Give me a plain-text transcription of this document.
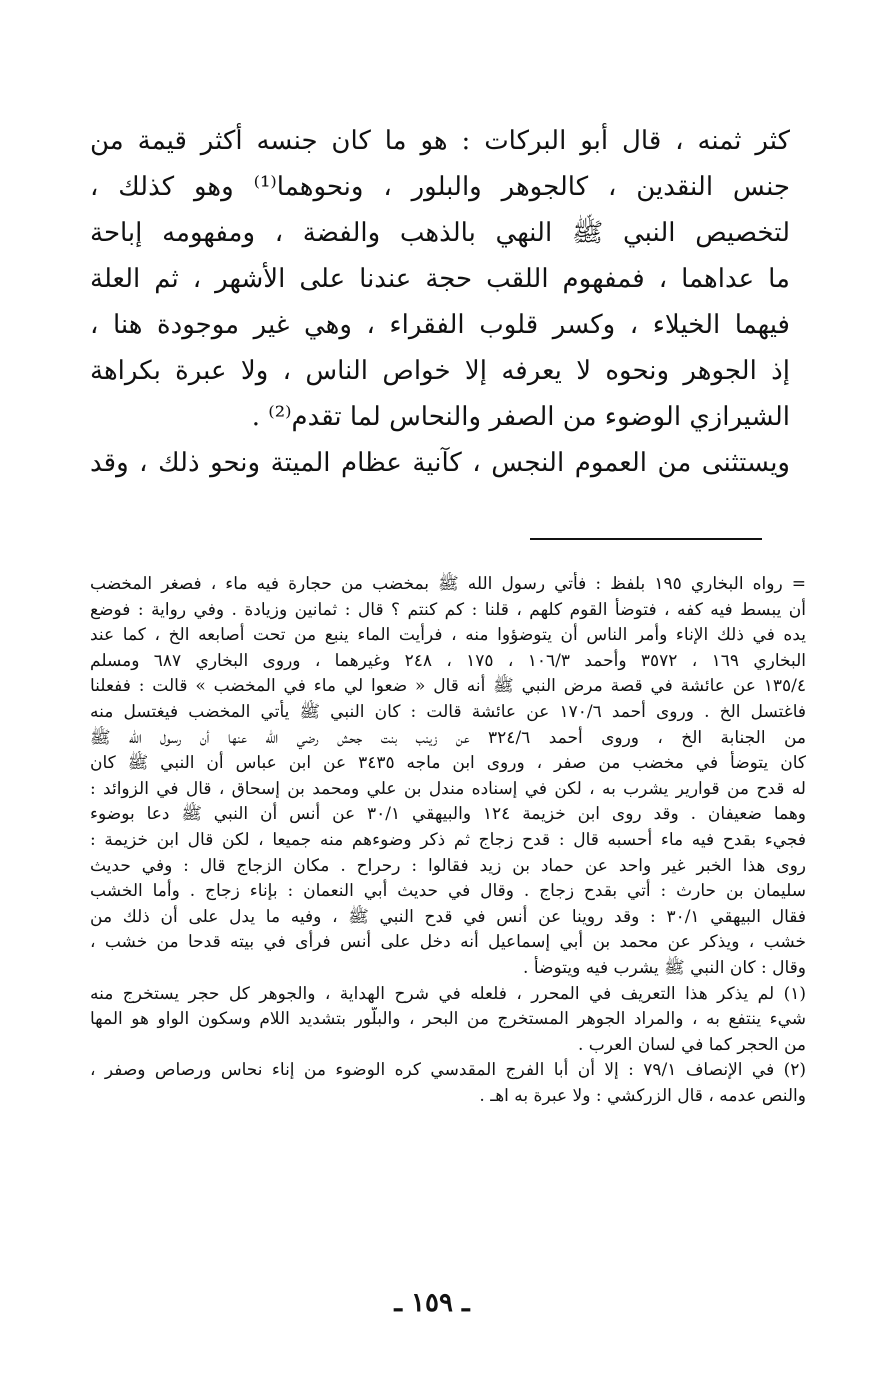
كثر ثمنه ، قال أبو البركات : هو ما كان جنسه أكثر قيمة من
جنس النقدين ، كالجوهر والبلور ، ونحوهما⁽¹⁾ وهو كذلك ،
لتخصيص النبي ﷺ النهي بالذهب والفضة ، ومفهومه إباحة
ما عداهما ، فمفهوم اللقب حجة عندنا على الأشهر ، ثم العلة
فيهما الخيلاء ، وكسر قلوب الفقراء ، وهي غير موجودة هنا ،
إذ الجوهر ونحوه لا يعرفه إلا خواص الناس ، ولا عبرة بكراهة
الشيرازي الوضوء من الصفر والنحاس لما تقدم⁽²⁾ .
ويستثنى من العموم النجس ، كآنية عظام الميتة ونحو ذلك ، وقد
= رواه البخاري ١٩٥ بلفظ : فأتي رسول الله ﷺ بمخضب من حجارة فيه ماء ، فصغر المخضب
أن يبسط فيه كفه ، فتوضأ القوم كلهم ، قلنا : كم كنتم ؟ قال : ثمانين وزيادة . وفي رواية : فوضع
يده في ذلك الإناء وأمر الناس أن يتوضؤوا منه ، فرأيت الماء ينبع من تحت أصابعه الخ ، كما عند
البخاري ١٦٩ ، ٣٥٧٢ وأحمد ١٠٦/٣ ، ١٧٥ ، ٢٤٨ وغيرهما ، وروى البخاري ٦٨٧ ومسلم
١٣٥/٤ عن عائشة في قصة مرض النبي ﷺ أنه قال « ضعوا لي ماء في المخضب » قالت : ففعلنا
فاغتسل الخ . وروى أحمد ١٧٠/٦ عن عائشة قالت : كان النبي ﷺ يأتي المخضب فيغتسل منه
من الجنابة الخ ، وروى أحمد ٣٢٤/٦ عن زينب بنت جحش رضي الله عنها أن رسول الله ﷺ
كان يتوضأ في مخضب من صفر ، وروى ابن ماجه ٣٤٣٥ عن ابن عباس أن النبي ﷺ كان
له قدح من قوارير يشرب به ، لكن في إسناده مندل بن علي ومحمد بن إسحاق ، قال في الزوائد :
وهما ضعيفان . وقد روى ابن خزيمة ١٢٤ والبيهقي ٣٠/١ عن أنس أن النبي ﷺ دعا بوضوء
فجيء بقدح فيه ماء أحسبه قال : قدح زجاج ثم ذكر وضوءهم منه جميعا ، لكن قال ابن خزيمة :
روى هذا الخبر غير واحد عن حماد بن زيد فقالوا : رحراح . مكان الزجاج قال : وفي حديث
سليمان بن حارث : أتي بقدح زجاج . وقال في حديث أبي النعمان : بإناء زجاج . وأما الخشب
فقال البيهقي ٣٠/١ : وقد روينا عن أنس في قدح النبي ﷺ ، وفيه ما يدل على أن ذلك من
خشب ، ويذكر عن محمد بن أبي إسماعيل أنه دخل على أنس فرأى في بيته قدحا من خشب ،
وقال : كان النبي ﷺ يشرب فيه ويتوضأ .
(١) لم يذكر هذا التعريف في المحرر ، فلعله في شرح الهداية ، والجوهر كل حجر يستخرج منه
شيء ينتفع به ، والمراد الجوهر المستخرج من البحر ، والبلّور بتشديد اللام وسكون الواو هو المها
من الحجر كما في لسان العرب .
(٢) في الإنصاف ٧٩/١ : إلا أن أبا الفرج المقدسي كره الوضوء من إناء نحاس ورصاص وصفر ،
والنص عدمه ، قال الزركشي : ولا عبرة به اهـ .
ـ ١٥٩ ـ
